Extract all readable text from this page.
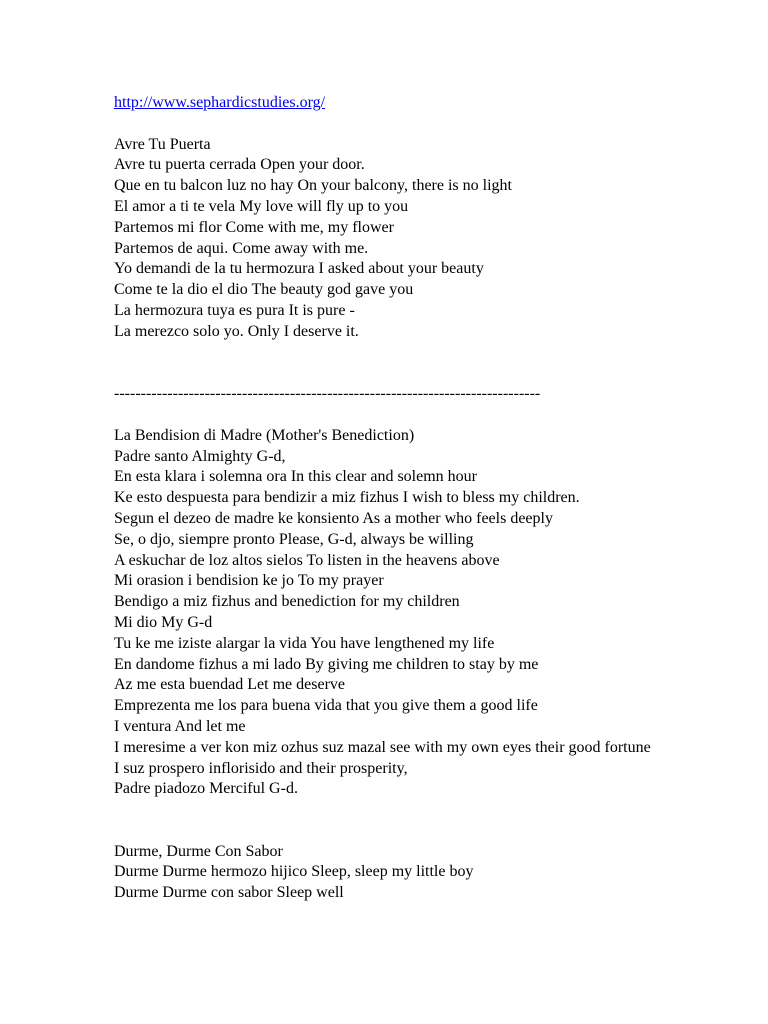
http://www.sephardicstudies.org/
Avre Tu Puerta
Avre tu puerta cerrada Open your door.
Que en tu balcon luz no hay On your balcony, there is no light
El amor a ti te vela My love will fly up to you
Partemos mi flor Come with me, my flower
Partemos de aqui. Come away with me.
Yo demandi de la tu hermozura I asked about your beauty
Come te la dio el dio The beauty god gave you
La hermozura tuya es pura It is pure -
La merezco solo yo. Only I deserve it.
--------------------------------------------------------------------------------
La Bendision di Madre (Mother's Benediction)
Padre santo Almighty G-d,
En esta klara i solemna ora In this clear and solemn hour
Ke esto despuesta para bendizir a miz fizhus I wish to bless my children.
Segun el dezeo de madre ke konsiento As a mother who feels deeply
Se, o djo, siempre pronto Please, G-d, always be willing
A eskuchar de loz altos sielos To listen in the heavens above
Mi orasion i bendision ke jo To my prayer
Bendigo a miz fizhus and benediction for my children
Mi dio My G-d
Tu ke me iziste alargar la vida You have lengthened my life
En dandome fizhus a mi lado By giving me children to stay by me
Az me esta buendad Let me deserve
Emprezenta me los para buena vida that you give them a good life
I ventura And let me
I meresime a ver kon miz ozhus suz mazal see with my own eyes their good fortune
I suz prospero inflorisido and their prosperity,
Padre piadozo Merciful G-d.
Durme, Durme Con Sabor
Durme Durme hermozo hijico Sleep, sleep my little boy
Durme Durme con sabor Sleep well
